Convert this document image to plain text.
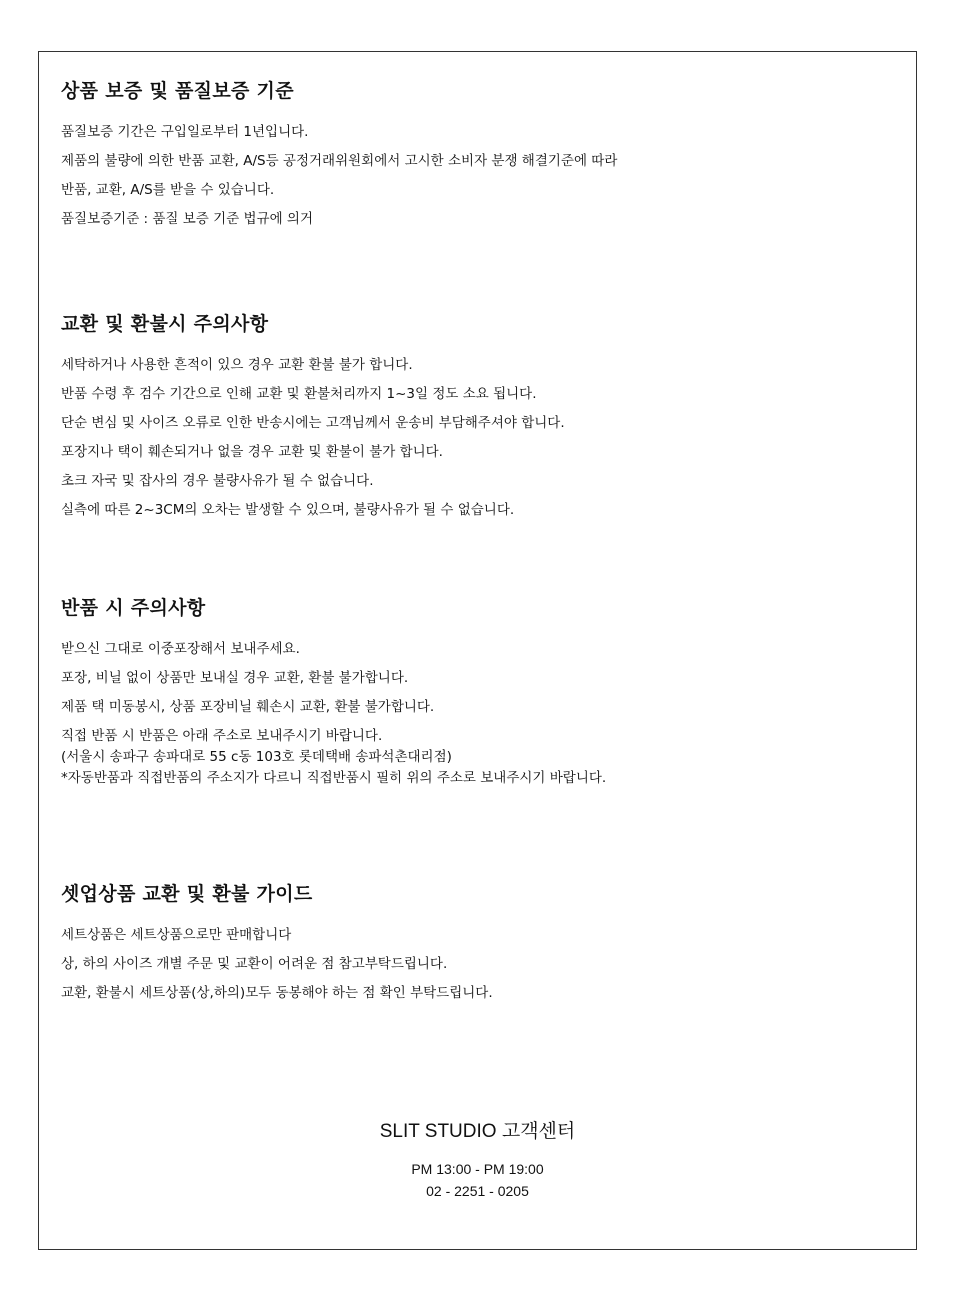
상품 보증 및 품질보증 기준
품질보증 기간은 구입일로부터 1년입니다.
제품의 불량에 의한 반품 교환, A/S등 공정거래위원회에서 고시한 소비자 분쟁 해결기준에 따라
반품, 교환, A/S를 받을 수 있습니다.
품질보증기준 : 품질 보증 기준 법규에 의거
교환 및 환불시 주의사항
세탁하거나 사용한 흔적이 있으 경우 교환 환불 불가 합니다.
반품 수령 후 검수 기간으로 인해 교환 및 환불처리까지 1~3일 정도 소요 됩니다.
단순 변심 및 사이즈 오류로 인한 반송시에는 고객님께서 운송비 부담해주셔야 합니다.
포장지나 택이 훼손되거나 없을 경우 교환 및 환불이 불가 합니다.
초크 자국 및 잡사의 경우 불량사유가 될 수 없습니다.
실측에 따른 2~3CM의 오차는 발생할 수 있으며, 불량사유가 될 수 없습니다.
반품 시 주의사항
받으신 그대로 이중포장해서 보내주세요.
포장, 비닐 없이 상품만 보내실 경우 교환, 환불 불가합니다.
제품 택 미동봉시, 상품 포장비닐 훼손시 교환, 환불 불가합니다.
직접 반품 시 반품은 아래 주소로 보내주시기 바랍니다.
(서울시 송파구 송파대로 55 c동 103호 롯데택배 송파석촌대리점)
*자동반품과 직접반품의 주소지가 다르니 직접반품시 필히 위의 주소로 보내주시기 바랍니다.
셋업상품 교환 및 환불 가이드
세트상품은 세트상품으로만 판매합니다
상, 하의 사이즈 개별 주문 및 교환이 어려운 점 참고부탁드립니다.
교환, 환불시 세트상품(상,하의)모두 동봉해야 하는 점 확인 부탁드립니다.
SLIT STUDIO 고객센터
PM 13:00 - PM 19:00
02 - 2251 - 0205
